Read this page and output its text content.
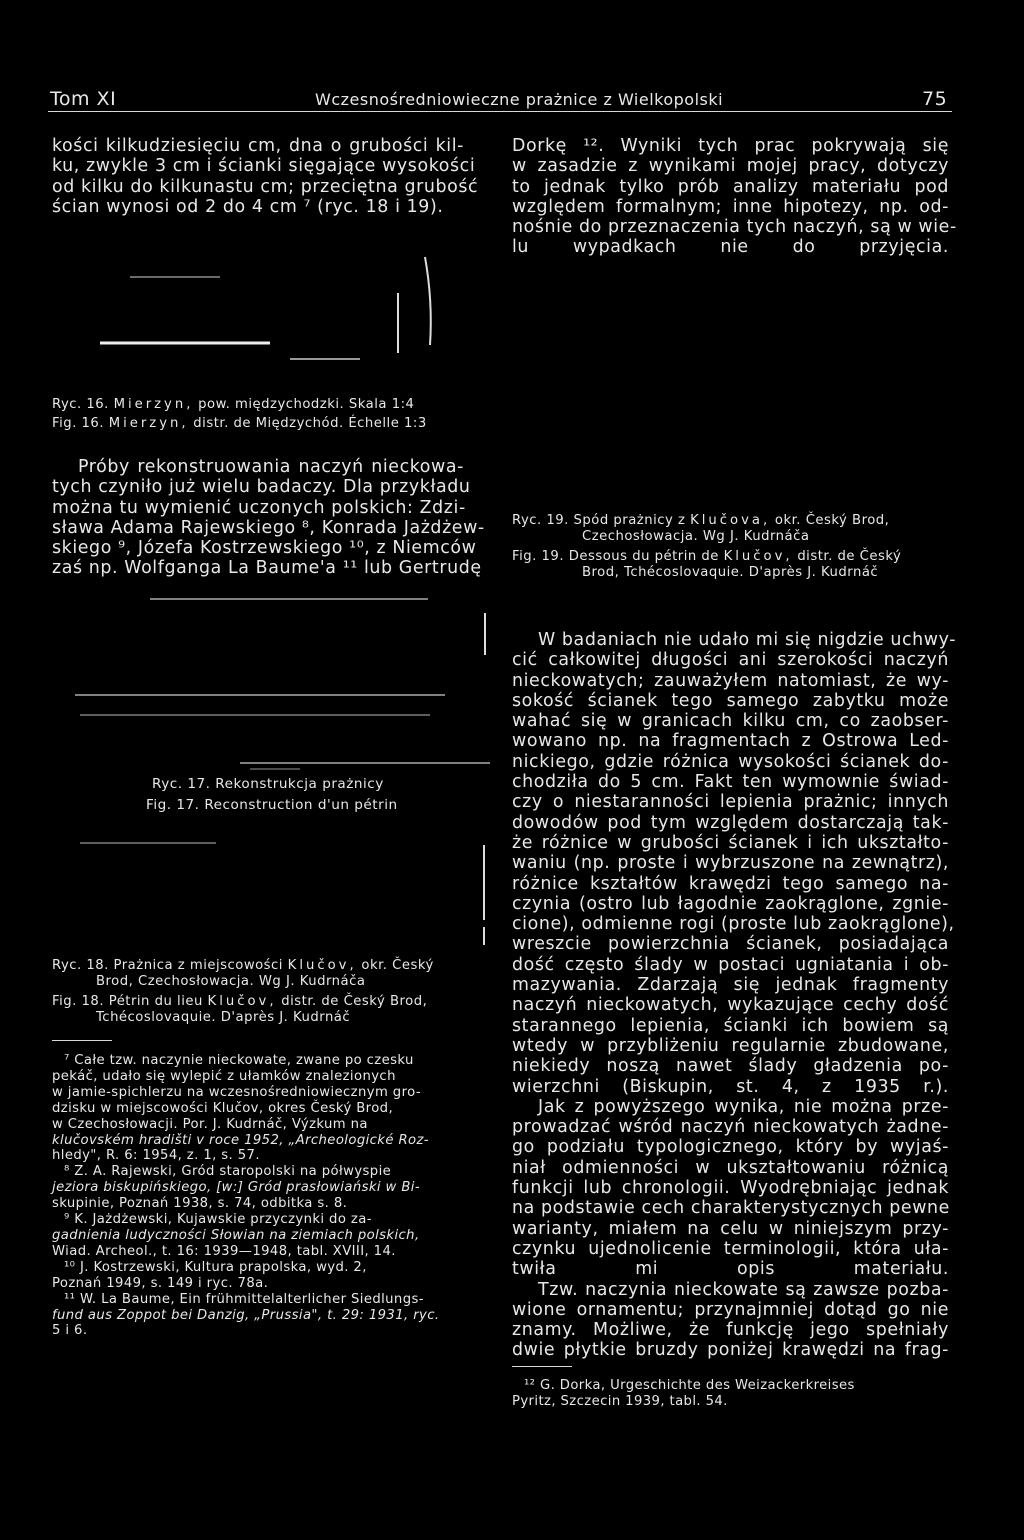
Tom XI	Wczesnośredniowieczne prażnice z Wielkopolski	75
kości kilkudziesięciu cm, dna o grubości kil-
ku, zwykle 3 cm i ścianki sięgające wysokości
od kilku do kilkunastu cm; przeciętna grubość
ścian wynosi od 2 do 4 cm ⁷ (ryc. 18 i 19).
Dorkę ¹². Wyniki tych prac pokrywają się
w zasadzie z wynikami mojej pracy, dotyczy
to jednak tylko prób analizy materiału pod
względem formalnym; inne hipotezy, np. od-
nośnie do przeznaczenia tych naczyń, są w wie-
lu wypadkach nie do przyjęcia.
Ryc. 16. Mierzyn, pow. międzychodzki. Skala 1:4
Fig. 16. Mierzyn, distr. de Międzychód. Échelle 1:3
Próby rekonstruowania naczyń nieckowa-
tych czyniło już wielu badaczy. Dla przykładu
można tu wymienić uczonych polskich: Zdzi-
sława Adama Rajewskiego ⁸, Konrada Jażdżew-
skiego ⁹, Józefa Kostrzewskiego ¹⁰, z Niemców
zaś np. Wolfganga La Baume'a ¹¹ lub Gertrudę
Ryc. 19. Spód prażnicy z Klučova, okr. Český Brod,
Czechosłowacja. Wg J. Kudrnáča
Fig. 19. Dessous du pétrin de Klučov, distr. de Český
Brod, Tchécoslovaquie. D'après J. Kudrnáč
Ryc. 17. Rekonstrukcja prażnicy
Fig. 17. Reconstruction d'un pétrin
Ryc. 18. Prażnica z miejscowości Klučov, okr. Český
Brod, Czechosłowacja. Wg J. Kudrnáča
Fig. 18. Pétrin du lieu Klučov, distr. de Český Brod,
Tchécoslovaquie. D'après J. Kudrnáč
⁷ Całe tzw. naczynie nieckowate, zwane po czesku
pekáč, udało się wylepić z ułamków znalezionych
w jamie-spichlerzu na wczesnośredniowiecznym gro-
dzisku w miejscowości Klučov, okres Český Brod,
w Czechosłowacji. Por. J. Kudrnáč, Výzkum na
klučovském hradišti v roce 1952, „Archeologické Roz-
hledy", R. 6: 1954, z. 1, s. 57.
⁸ Z. A. Rajewski, Gród staropolski na półwyspie
jeziora biskupińskiego, [w:] Gród prasłowiański w Bi-
skupinie, Poznań 1938, s. 74, odbitka s. 8.
⁹ K. Jażdżewski, Kujawskie przyczynki do za-
gadnienia ludyczności Słowian na ziemiach polskich,
Wiad. Archeol., t. 16: 1939—1948, tabl. XVIII, 14.
¹⁰ J. Kostrzewski, Kultura prapolska, wyd. 2,
Poznań 1949, s. 149 i ryc. 78a.
¹¹ W. La Baume, Ein frühmittelalterlicher Siedlungs-
fund aus Zoppot bei Danzig, „Prussia", t. 29: 1931, ryc.
5 i 6.
W badaniach nie udało mi się nigdzie uchwy-
cić całkowitej długości ani szerokości naczyń
nieckowatych; zauważyłem natomiast, że wy-
sokość ścianek tego samego zabytku może
wahać się w granicach kilku cm, co zaobser-
wowano np. na fragmentach z Ostrowa Led-
nickiego, gdzie różnica wysokości ścianek do-
chodziła do 5 cm. Fakt ten wymownie świad-
czy o niestaranności lepienia prażnic; innych
dowodów pod tym względem dostarczają tak-
że różnice w grubości ścianek i ich ukształto-
waniu (np. proste i wybrzuszone na zewnątrz),
różnice kształtów krawędzi tego samego na-
czynia (ostro lub łagodnie zaokrąglone, zgnie-
cione), odmienne rogi (proste lub zaokrąglone),
wreszcie powierzchnia ścianek, posiadająca
dość często ślady w postaci ugniatania i ob-
mazywania. Zdarzają się jednak fragmenty
naczyń nieckowatych, wykazujące cechy dość
starannego lepienia, ścianki ich bowiem są
wtedy w przybliżeniu regularnie zbudowane,
niekiedy noszą nawet ślady gładzenia po-
wierzchni (Biskupin, st. 4, z 1935 r.).
Jak z powyższego wynika, nie można prze-
prowadzać wśród naczyń nieckowatych żadne-
go podziału typologicznego, który by wyjaś-
niał odmienności w ukształtowaniu różnicą
funkcji lub chronologii. Wyodrębniając jednak
na podstawie cech charakterystycznych pewne
warianty, miałem na celu w niniejszym przy-
czynku ujednolicenie terminologii, która uła-
twiła mi opis materiału.
Tzw. naczynia nieckowate są zawsze pozba-
wione ornamentu; przynajmniej dotąd go nie
znamy. Możliwe, że funkcję jego spełniały
dwie płytkie bruzdy poniżej krawędzi na frag-
¹² G. Dorka, Urgeschichte des Weizackerkreises
Pyritz, Szczecin 1939, tabl. 54.
